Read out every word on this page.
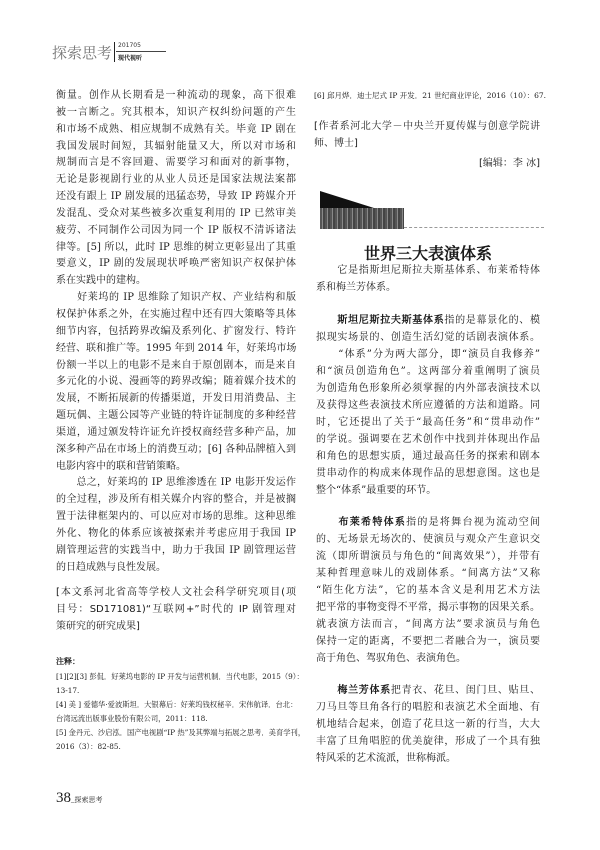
探索思考 201705
现代视听
衡量。创作从长期看是一种流动的现象，高下很难
被一言断之。究其根本，知识产权纠纷问题的产生
和市场不成熟、相应规制不成熟有关。毕竟 IP 剧在
我国发展时间短，其辐射能量又大，所以对市场和
规制而言是不容回避、需要学习和面对的新事物，
无论是影视剧行业的从业人员还是国家法规法案都
还没有跟上 IP 剧发展的迅猛态势，导致 IP 跨媒介开
发混乱、受众对某些被多次重复利用的 IP 已然审美
疲劳、不同制作公司因为同一个 IP 版权不清诉诸法
律等。[5] 所以，此时 IP 思维的树立更彰显出了其重
要意义，IP 剧的发展现状呼唤严密知识产权保护体
系在实践中的建构。
　　好莱坞的 IP 思维除了知识产权、产业结构和版
权保护体系之外，在实施过程中还有四大策略等具体
细节内容，包括跨界改编及系列化、扩窗发行、特许
经营、联和推广等。1995 年到 2014 年，好莱坞市场
份额一半以上的电影不是来自于原创剧本，而是来自
多元化的小说、漫画等的跨界改编；随着媒介技术的
发展，不断拓展新的传播渠道，开发日用消费品、主
题玩偶、主题公园等产业链的特许证制度的多种经营
渠道，通过颁发特许证允许授权商经营多种产品，加
深多种产品在市场上的消费互动；[6] 各种品牌植入到
电影内容中的联和营销策略。
　　总之，好莱坞的 IP 思维渗透在 IP 电影开发运作
的全过程，涉及所有相关媒介内容的整合，并是被搁
置于法律框架内的、可以应对市场的思维。这种思维
外化、物化的体系应该被探索并考虑应用于我国 IP
剧管理运营的实践当中，助力于我国 IP 剧管理运营
的日趋成熟与良性发展。
[本文系河北省高等学校人文社会科学研究项目(项
目号：SD171081)“互联网+”时代的 IP 剧管理对
策研究的研究成果]
注释：
[1][2][3] 彭侃．好莱坞电影的 IP 开发与运营机制．当代电影，2015（9）：
13-17.
[4] 美 ] 爱德华·爱波斯坦．大银幕后：好莱坞钱权秘辛．宋伟航译．台北：
台湾远流出版事业股份有限公司，2011：118.
[5] 金丹元、沙启泓．国产电视剧“IP 热”及其弊端与拓展之思考．美育学刊，
2016（3）：82-85.
38_探索思考
[6] 邱月烨．迪士尼式 IP 开发．21 世纪商业评论，2016（10）：67.
[作者系河北大学－中央兰开夏传媒与创意学院讲
师、博士]
[编辑：李 冰]
世界三大表演体系
　　它是指斯坦尼斯拉夫斯基体系、布莱希特体
系和梅兰芳体系。
　　斯坦尼斯拉夫斯基体系指的是幕景化的、模
拟现实场景的、创造生活幻觉的话剧表演体系。
　　“体系”分为两大部分，即“演员自我修养”
和“演员创造角色”。这两部分着重阐明了演员
为创造角色形象所必须掌握的内外部表演技术以
及获得这些表演技术所应遵循的方法和道路。同
时，它还提出了关于“最高任务”和“贯串动作”
的学说。强调要在艺术创作中找到并体现出作品
和角色的思想实质，通过最高任务的探索和剧本
贯串动作的构成来体现作品的思想意图。这也是
整个“体系”最重要的环节。
　　布莱希特体系指的是将舞台视为流动空间
的、无场景无场次的、使演员与观众产生意识交
流（即所谓演员与角色的“间离效果”），并带有
某种哲理意味儿的戏剧体系。“间离方法”又称
“陌生化方法”，它的基本含义是利用艺术方法
把平常的事物变得不平常，揭示事物的因果关系。
就表演方法而言，“间离方法”要求演员与角色
保持一定的距离，不要把二者融合为一，演员要
高于角色、驾驭角色、表演角色。
　　梅兰芳体系把青衣、花旦、闺门旦、贴旦、
刀马旦等旦角各行的唱腔和表演艺术全面地、有
机地结合起来，创造了花旦这一新的行当，大大
丰富了旦角唱腔的优美旋律，形成了一个具有独
特风采的艺术流派，世称梅派。
